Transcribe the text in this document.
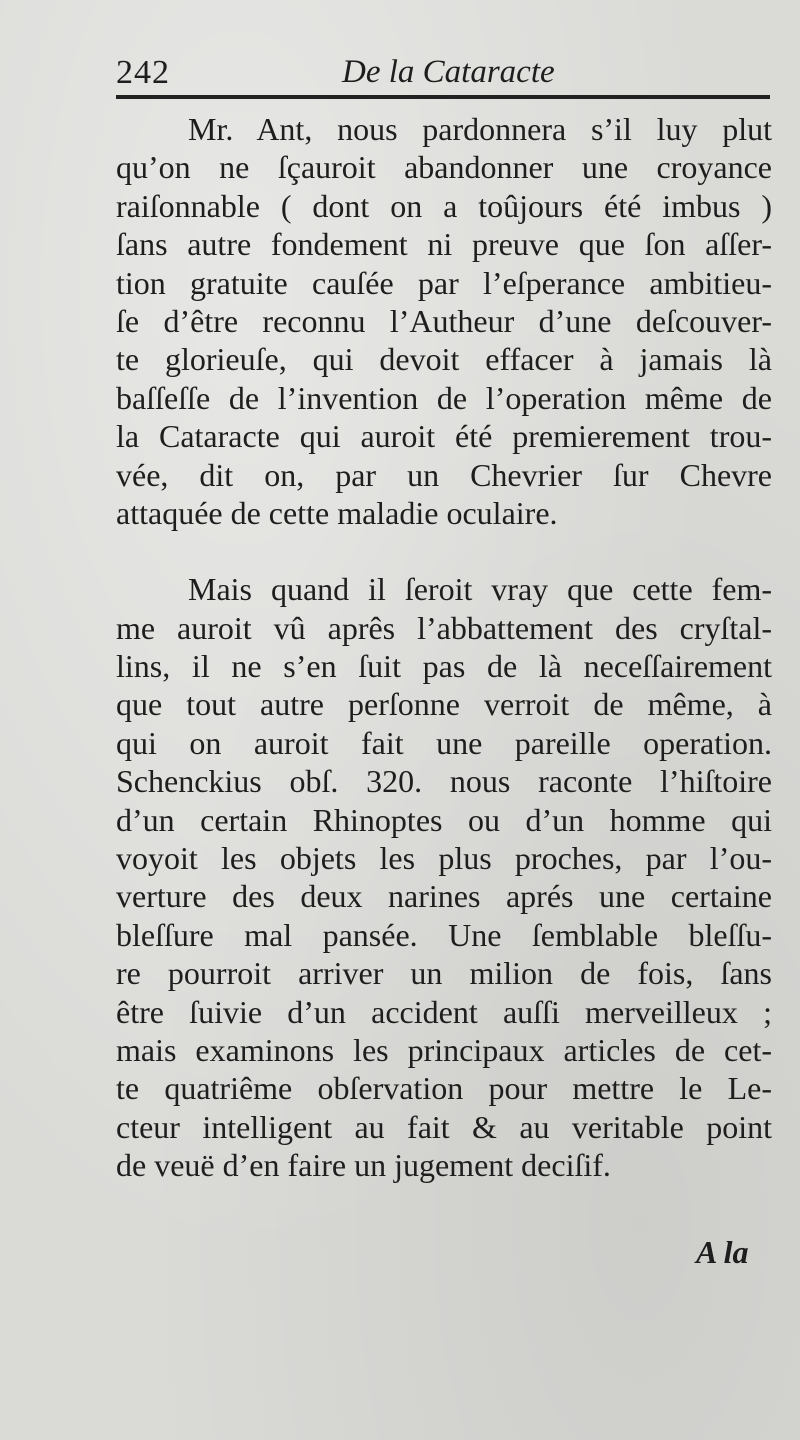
242	De la Cataracte
Mr. Ant, nous pardonnera s’il luy plut
qu’on ne ſçauroit abandonner une croyance
raiſonnable ( dont on a toûjours été imbus )
ſans autre fondement ni preuve que ſon aſſer-
tion gratuite cauſée par l’eſperance ambitieu-
ſe d’être reconnu l’Autheur d’une deſcouver-
te glorieuſe, qui devoit effacer à jamais là
baſſeſſe de l’invention de l’operation même de
la Cataracte qui auroit été premierement trou-
vée, dit on, par un Chevrier ſur Chevre
attaquée de cette maladie oculaire.
Mais quand il ſeroit vray que cette fem-
me auroit vû aprês l’abbattement des cryſtal-
lins, il ne s’en ſuit pas de là neceſſairement
que tout autre perſonne verroit de même, à
qui on auroit fait une pareille operation.
Schenckius obſ. 320. nous raconte l’hiſtoire
d’un certain Rhinoptes ou d’un homme qui
voyoit les objets les plus proches, par l’ou-
verture des deux narines aprés une certaine
bleſſure mal pansée. Une ſemblable bleſſu-
re pourroit arriver un milion de fois, ſans
être ſuivie d’un accident auſſi merveilleux ;
mais examinons les principaux articles de cet-
te quatriême obſervation pour mettre le Le-
cteur intelligent au fait & au veritable point
de veuë d’en faire un jugement deciſif.
A la
